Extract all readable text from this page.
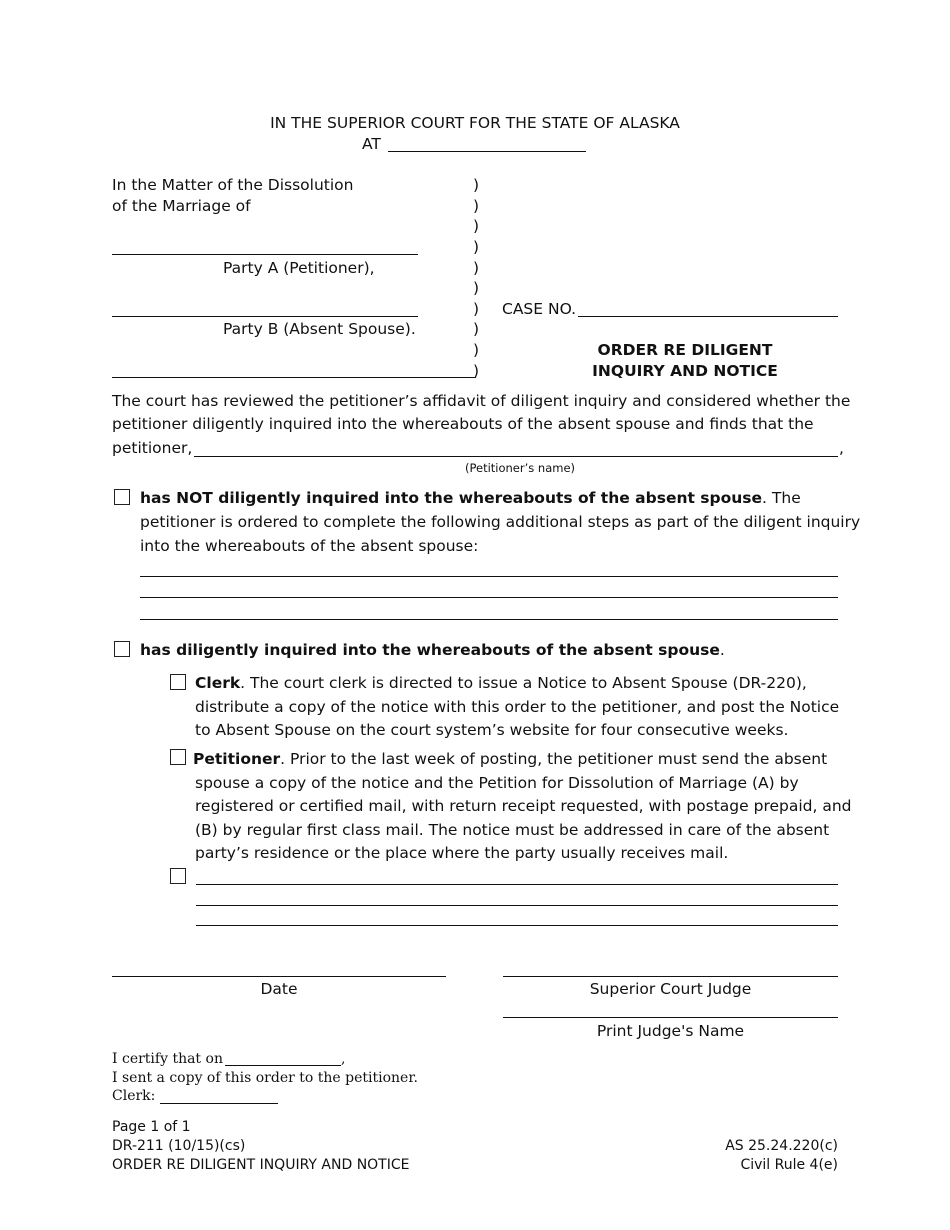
IN THE SUPERIOR COURT FOR THE STATE OF ALASKA
AT
In the Matter of the Dissolution
of the Marriage of
Party A (Petitioner),
Party B (Absent Spouse).
)
)
)
)
)
)
)
)
)
)
CASE NO.
ORDER RE DILIGENT
INQUIRY AND NOTICE
The court has reviewed the petitioner’s affidavit of diligent inquiry and considered whether the
petitioner diligently inquired into the whereabouts of the absent spouse and finds that the
petitioner,	,
(Petitioner’s name)
has NOT diligently inquired into the whereabouts of the absent spouse. The
petitioner is ordered to complete the following additional steps as part of the diligent inquiry
into the whereabouts of the absent spouse:
has diligently inquired into the whereabouts of the absent spouse.
Clerk. The court clerk is directed to issue a Notice to Absent Spouse (DR-220),
distribute a copy of the notice with this order to the petitioner, and post the Notice
to Absent Spouse on the court system’s website for four consecutive weeks.
Petitioner. Prior to the last week of posting, the petitioner must send the absent
spouse a copy of the notice and the Petition for Dissolution of Marriage (A) by
registered or certified mail, with return receipt requested, with postage prepaid, and
(B) by regular first class mail. The notice must be addressed in care of the absent
party’s residence or the place where the party usually receives mail.
Date	Superior Court Judge
Print Judge's Name
I certify that on	,
I sent a copy of this order to the petitioner.
Clerk:
Page 1 of 1
DR-211 (10/15)(cs)
ORDER RE DILIGENT INQUIRY AND NOTICE
AS 25.24.220(c)
Civil Rule 4(e)
